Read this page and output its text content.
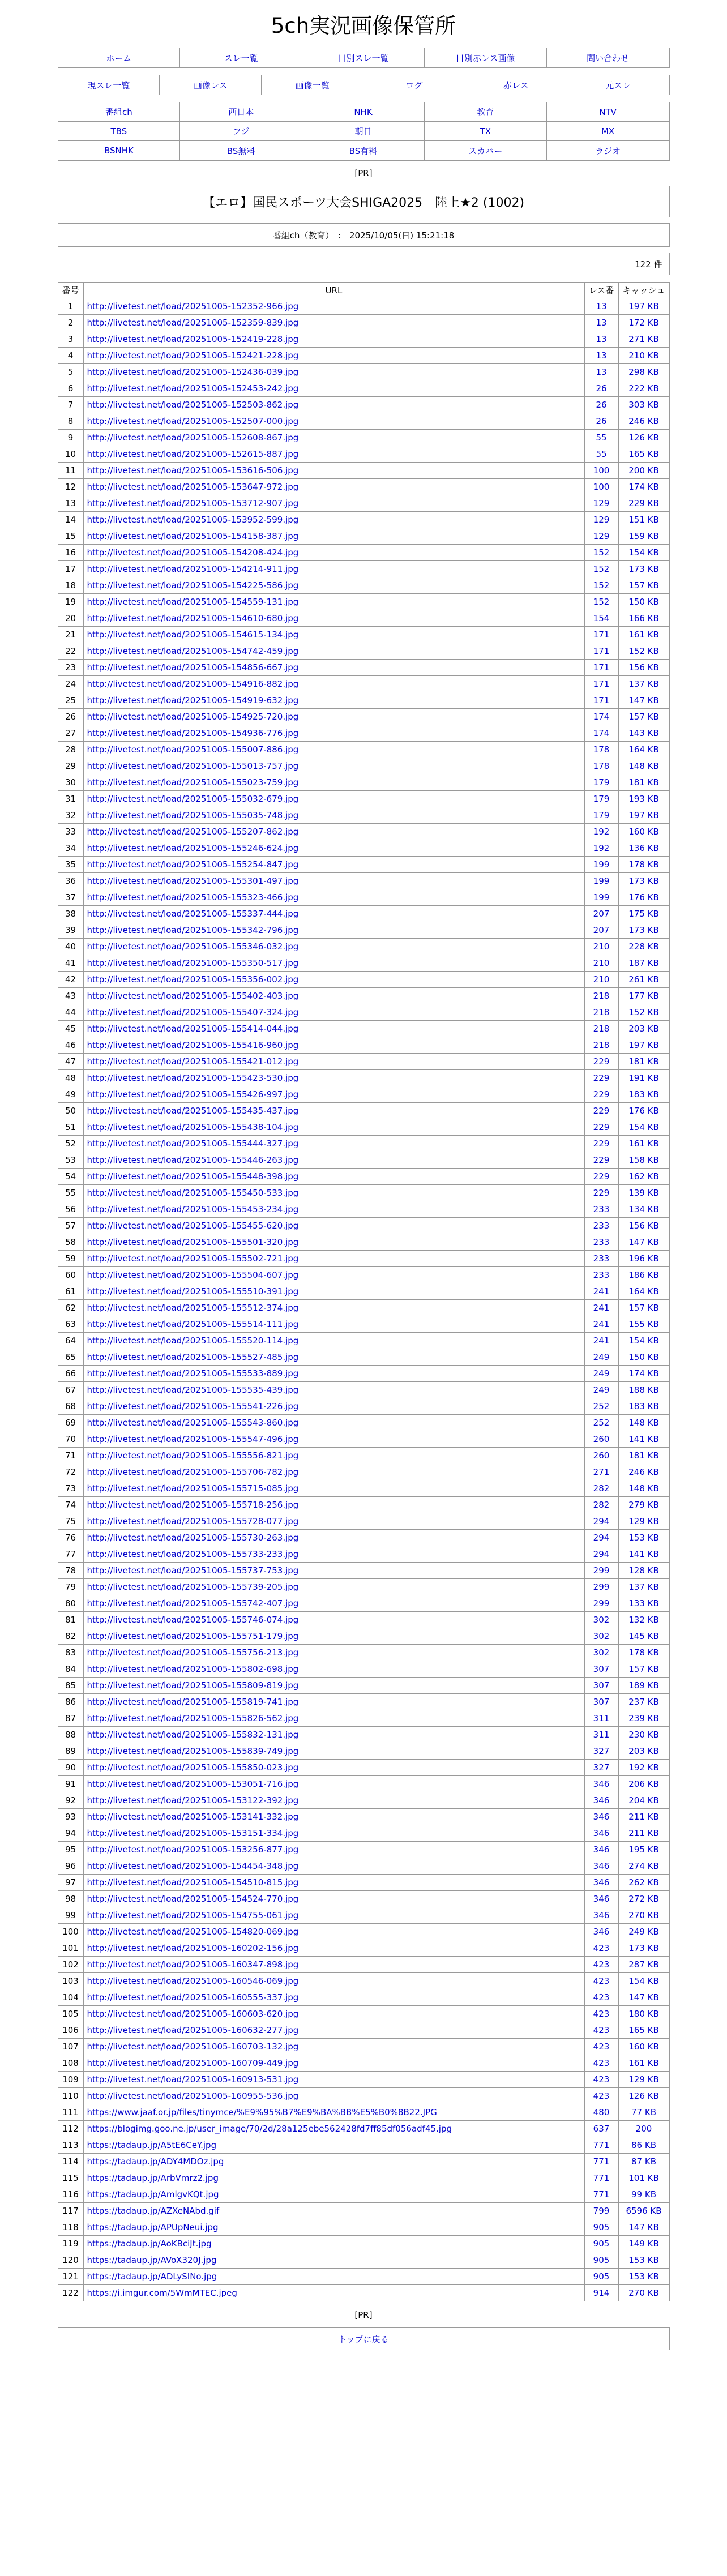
5ch実況画像保管所
ホーム	スレ一覧	日別スレ一覧	日別赤レス画像	問い合わせ
現スレ一覧	画像レス	画像一覧	ログ	赤レス	元スレ
番組ch	西日本	NHK	教育	NTV
TBS	フジ	朝日	TX	MX
BSNHK	BS無料	BS有料	スカパー	ラジオ
[PR]
【エロ】国民スポーツ大会SHIGA2025　陸上★2 (1002)
番組ch（教育）　:　2025/10/05(日) 15:21:18
122 件
番号	URL	レス番	キャッシュ
1	http://livetest.net/load/20251005-152352-966.jpg	13	197 KB
2	http://livetest.net/load/20251005-152359-839.jpg	13	172 KB
3	http://livetest.net/load/20251005-152419-228.jpg	13	271 KB
4	http://livetest.net/load/20251005-152421-228.jpg	13	210 KB
5	http://livetest.net/load/20251005-152436-039.jpg	13	298 KB
6	http://livetest.net/load/20251005-152453-242.jpg	26	222 KB
7	http://livetest.net/load/20251005-152503-862.jpg	26	303 KB
8	http://livetest.net/load/20251005-152507-000.jpg	26	246 KB
9	http://livetest.net/load/20251005-152608-867.jpg	55	126 KB
10	http://livetest.net/load/20251005-152615-887.jpg	55	165 KB
11	http://livetest.net/load/20251005-153616-506.jpg	100	200 KB
12	http://livetest.net/load/20251005-153647-972.jpg	100	174 KB
13	http://livetest.net/load/20251005-153712-907.jpg	129	229 KB
14	http://livetest.net/load/20251005-153952-599.jpg	129	151 KB
15	http://livetest.net/load/20251005-154158-387.jpg	129	159 KB
16	http://livetest.net/load/20251005-154208-424.jpg	152	154 KB
17	http://livetest.net/load/20251005-154214-911.jpg	152	173 KB
18	http://livetest.net/load/20251005-154225-586.jpg	152	157 KB
19	http://livetest.net/load/20251005-154559-131.jpg	152	150 KB
20	http://livetest.net/load/20251005-154610-680.jpg	154	166 KB
21	http://livetest.net/load/20251005-154615-134.jpg	171	161 KB
22	http://livetest.net/load/20251005-154742-459.jpg	171	152 KB
23	http://livetest.net/load/20251005-154856-667.jpg	171	156 KB
24	http://livetest.net/load/20251005-154916-882.jpg	171	137 KB
25	http://livetest.net/load/20251005-154919-632.jpg	171	147 KB
26	http://livetest.net/load/20251005-154925-720.jpg	174	157 KB
27	http://livetest.net/load/20251005-154936-776.jpg	174	143 KB
28	http://livetest.net/load/20251005-155007-886.jpg	178	164 KB
29	http://livetest.net/load/20251005-155013-757.jpg	178	148 KB
30	http://livetest.net/load/20251005-155023-759.jpg	179	181 KB
31	http://livetest.net/load/20251005-155032-679.jpg	179	193 KB
32	http://livetest.net/load/20251005-155035-748.jpg	179	197 KB
33	http://livetest.net/load/20251005-155207-862.jpg	192	160 KB
34	http://livetest.net/load/20251005-155246-624.jpg	192	136 KB
35	http://livetest.net/load/20251005-155254-847.jpg	199	178 KB
36	http://livetest.net/load/20251005-155301-497.jpg	199	173 KB
37	http://livetest.net/load/20251005-155323-466.jpg	199	176 KB
38	http://livetest.net/load/20251005-155337-444.jpg	207	175 KB
39	http://livetest.net/load/20251005-155342-796.jpg	207	173 KB
40	http://livetest.net/load/20251005-155346-032.jpg	210	228 KB
41	http://livetest.net/load/20251005-155350-517.jpg	210	187 KB
42	http://livetest.net/load/20251005-155356-002.jpg	210	261 KB
43	http://livetest.net/load/20251005-155402-403.jpg	218	177 KB
44	http://livetest.net/load/20251005-155407-324.jpg	218	152 KB
45	http://livetest.net/load/20251005-155414-044.jpg	218	203 KB
46	http://livetest.net/load/20251005-155416-960.jpg	218	197 KB
47	http://livetest.net/load/20251005-155421-012.jpg	229	181 KB
48	http://livetest.net/load/20251005-155423-530.jpg	229	191 KB
49	http://livetest.net/load/20251005-155426-997.jpg	229	183 KB
50	http://livetest.net/load/20251005-155435-437.jpg	229	176 KB
51	http://livetest.net/load/20251005-155438-104.jpg	229	154 KB
52	http://livetest.net/load/20251005-155444-327.jpg	229	161 KB
53	http://livetest.net/load/20251005-155446-263.jpg	229	158 KB
54	http://livetest.net/load/20251005-155448-398.jpg	229	162 KB
55	http://livetest.net/load/20251005-155450-533.jpg	229	139 KB
56	http://livetest.net/load/20251005-155453-234.jpg	233	134 KB
57	http://livetest.net/load/20251005-155455-620.jpg	233	156 KB
58	http://livetest.net/load/20251005-155501-320.jpg	233	147 KB
59	http://livetest.net/load/20251005-155502-721.jpg	233	196 KB
60	http://livetest.net/load/20251005-155504-607.jpg	233	186 KB
61	http://livetest.net/load/20251005-155510-391.jpg	241	164 KB
62	http://livetest.net/load/20251005-155512-374.jpg	241	157 KB
63	http://livetest.net/load/20251005-155514-111.jpg	241	155 KB
64	http://livetest.net/load/20251005-155520-114.jpg	241	154 KB
65	http://livetest.net/load/20251005-155527-485.jpg	249	150 KB
66	http://livetest.net/load/20251005-155533-889.jpg	249	174 KB
67	http://livetest.net/load/20251005-155535-439.jpg	249	188 KB
68	http://livetest.net/load/20251005-155541-226.jpg	252	183 KB
69	http://livetest.net/load/20251005-155543-860.jpg	252	148 KB
70	http://livetest.net/load/20251005-155547-496.jpg	260	141 KB
71	http://livetest.net/load/20251005-155556-821.jpg	260	181 KB
72	http://livetest.net/load/20251005-155706-782.jpg	271	246 KB
73	http://livetest.net/load/20251005-155715-085.jpg	282	148 KB
74	http://livetest.net/load/20251005-155718-256.jpg	282	279 KB
75	http://livetest.net/load/20251005-155728-077.jpg	294	129 KB
76	http://livetest.net/load/20251005-155730-263.jpg	294	153 KB
77	http://livetest.net/load/20251005-155733-233.jpg	294	141 KB
78	http://livetest.net/load/20251005-155737-753.jpg	299	128 KB
79	http://livetest.net/load/20251005-155739-205.jpg	299	137 KB
80	http://livetest.net/load/20251005-155742-407.jpg	299	133 KB
81	http://livetest.net/load/20251005-155746-074.jpg	302	132 KB
82	http://livetest.net/load/20251005-155751-179.jpg	302	145 KB
83	http://livetest.net/load/20251005-155756-213.jpg	302	178 KB
84	http://livetest.net/load/20251005-155802-698.jpg	307	157 KB
85	http://livetest.net/load/20251005-155809-819.jpg	307	189 KB
86	http://livetest.net/load/20251005-155819-741.jpg	307	237 KB
87	http://livetest.net/load/20251005-155826-562.jpg	311	239 KB
88	http://livetest.net/load/20251005-155832-131.jpg	311	230 KB
89	http://livetest.net/load/20251005-155839-749.jpg	327	203 KB
90	http://livetest.net/load/20251005-155850-023.jpg	327	192 KB
91	http://livetest.net/load/20251005-153051-716.jpg	346	206 KB
92	http://livetest.net/load/20251005-153122-392.jpg	346	204 KB
93	http://livetest.net/load/20251005-153141-332.jpg	346	211 KB
94	http://livetest.net/load/20251005-153151-334.jpg	346	211 KB
95	http://livetest.net/load/20251005-153256-877.jpg	346	195 KB
96	http://livetest.net/load/20251005-154454-348.jpg	346	274 KB
97	http://livetest.net/load/20251005-154510-815.jpg	346	262 KB
98	http://livetest.net/load/20251005-154524-770.jpg	346	272 KB
99	http://livetest.net/load/20251005-154755-061.jpg	346	270 KB
100	http://livetest.net/load/20251005-154820-069.jpg	346	249 KB
101	http://livetest.net/load/20251005-160202-156.jpg	423	173 KB
102	http://livetest.net/load/20251005-160347-898.jpg	423	287 KB
103	http://livetest.net/load/20251005-160546-069.jpg	423	154 KB
104	http://livetest.net/load/20251005-160555-337.jpg	423	147 KB
105	http://livetest.net/load/20251005-160603-620.jpg	423	180 KB
106	http://livetest.net/load/20251005-160632-277.jpg	423	165 KB
107	http://livetest.net/load/20251005-160703-132.jpg	423	160 KB
108	http://livetest.net/load/20251005-160709-449.jpg	423	161 KB
109	http://livetest.net/load/20251005-160913-531.jpg	423	129 KB
110	http://livetest.net/load/20251005-160955-536.jpg	423	126 KB
111	https://www.jaaf.or.jp/files/tinymce/%E9%95%B7%E9%BA%BB%E5%B0%8B22.JPG	480	77 KB
112	https://blogimg.goo.ne.jp/user_image/70/2d/28a125ebe562428fd7ff85df056adf45.jpg	637	200
113	https://tadaup.jp/A5tE6CeY.jpg	771	86 KB
114	https://tadaup.jp/ADY4MDOz.jpg	771	87 KB
115	https://tadaup.jp/ArbVmrz2.jpg	771	101 KB
116	https://tadaup.jp/AmlgvKQt.jpg	771	99 KB
117	https://tadaup.jp/AZXeNAbd.gif	799	6596 KB
118	https://tadaup.jp/APUpNeui.jpg	905	147 KB
119	https://tadaup.jp/AoKBciJt.jpg	905	149 KB
120	https://tadaup.jp/AVoX320J.jpg	905	153 KB
121	https://tadaup.jp/ADLySINo.jpg	905	153 KB
122	https://i.imgur.com/5WmMTEC.jpeg	914	270 KB
[PR]
トップに戻る
